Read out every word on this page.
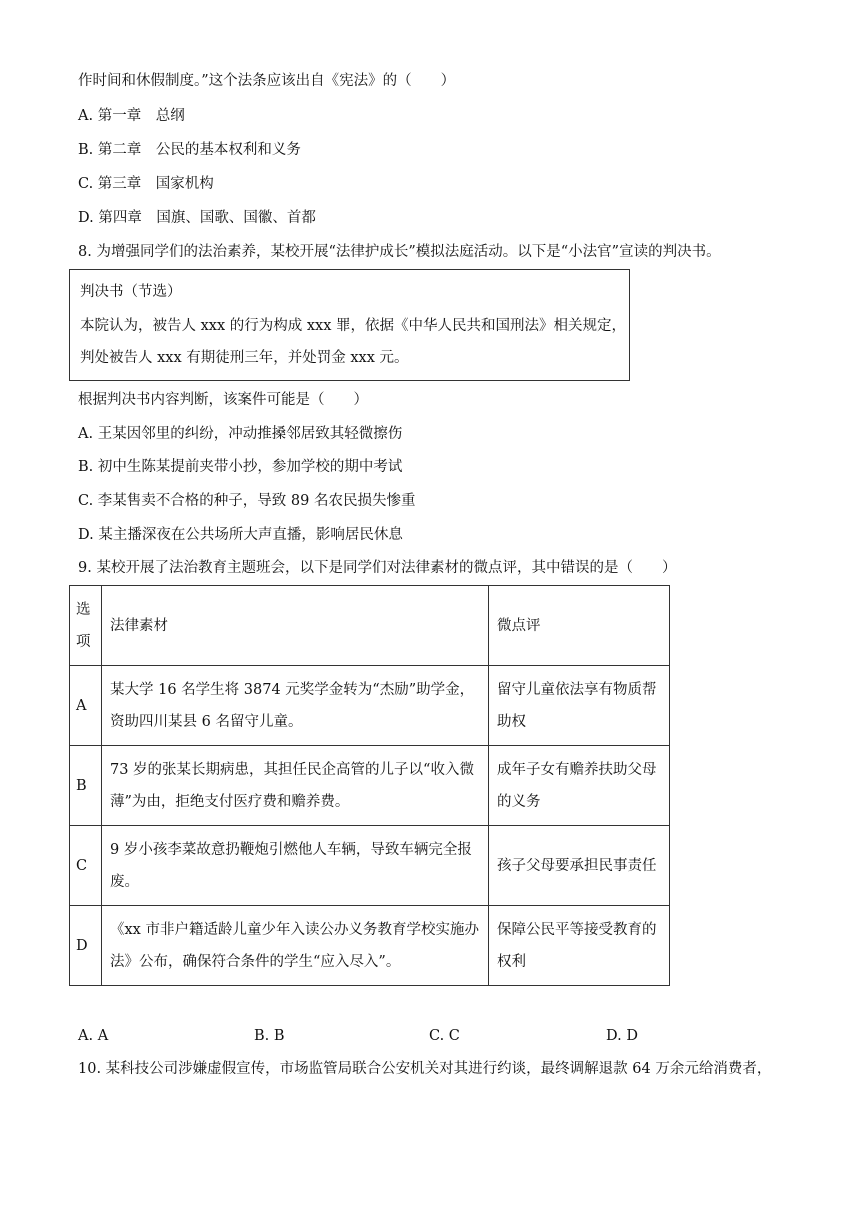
作时间和休假制度。”这个法条应该出自《宪法》的（　　）
A. 第一章　总纲
B. 第二章　公民的基本权利和义务
C. 第三章　国家机构
D. 第四章　国旗、国歌、国徽、首都
8. 为增强同学们的法治素养，某校开展“法律护成长”模拟法庭活动。以下是“小法官”宣读的判决书。
判决书（节选）
本院认为，被告人 xxx 的行为构成 xxx 罪，依据《中华人民共和国刑法》相关规定，
判处被告人 xxx 有期徒刑三年，并处罚金 xxx 元。
根据判决书内容判断，该案件可能是（　　）
A. 王某因邻里的纠纷，冲动推搡邻居致其轻微擦伤
B. 初中生陈某提前夹带小抄，参加学校的期中考试
C. 李某售卖不合格的种子，导致 89 名农民损失惨重
D. 某主播深夜在公共场所大声直播，影响居民休息
9. 某校开展了法治教育主题班会，以下是同学们对法律素材的微点评，其中错误的是（　　）
选项	法律素材	微点评
A	某大学 16 名学生将 3874 元奖学金转为“杰励”助学金，资助四川某县 6 名留守儿童。	留守儿童依法享有物质帮助权
B	73 岁的张某长期病患，其担任民企高管的儿子以“收入微薄”为由，拒绝支付医疗费和赡养费。	成年子女有赡养扶助父母的义务
C	9 岁小孩李菜故意扔鞭炮引燃他人车辆，导致车辆完全报废。	孩子父母要承担民事责任
D	《xx 市非户籍适龄儿童少年入读公办义务教育学校实施办法》公布，确保符合条件的学生“应入尽入”。	保障公民平等接受教育的权利
A. A	B. B	C. C	D. D
10. 某科技公司涉嫌虚假宣传，市场监管局联合公安机关对其进行约谈，最终调解退款 64 万余元给消费者，
